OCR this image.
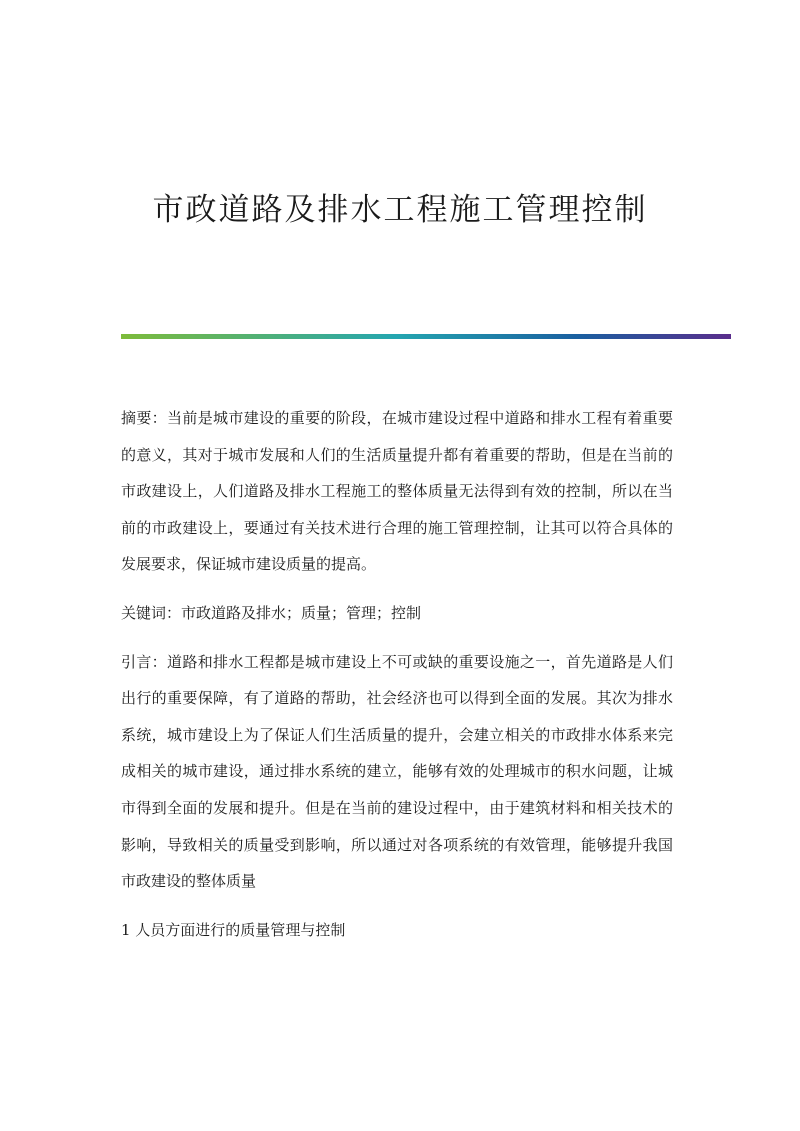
市政道路及排水工程施工管理控制

摘要：当前是城市建设的重要的阶段，在城市建设过程中道路和排水工程有着重要的意义，其对于城市发展和人们的生活质量提升都有着重要的帮助，但是在当前的市政建设上，人们道路及排水工程施工的整体质量无法得到有效的控制，所以在当前的市政建设上，要通过有关技术进行合理的施工管理控制，让其可以符合具体的发展要求，保证城市建设质量的提高。

关键词：市政道路及排水；质量；管理；控制

引言：道路和排水工程都是城市建设上不可或缺的重要设施之一，首先道路是人们出行的重要保障，有了道路的帮助，社会经济也可以得到全面的发展。其次为排水系统，城市建设上为了保证人们生活质量的提升，会建立相关的市政排水体系来完成相关的城市建设，通过排水系统的建立，能够有效的处理城市的积水问题，让城市得到全面的发展和提升。但是在当前的建设过程中，由于建筑材料和相关技术的影响，导致相关的质量受到影响，所以通过对各项系统的有效管理，能够提升我国市政建设的整体质量

1 人员方面进行的质量管理与控制
